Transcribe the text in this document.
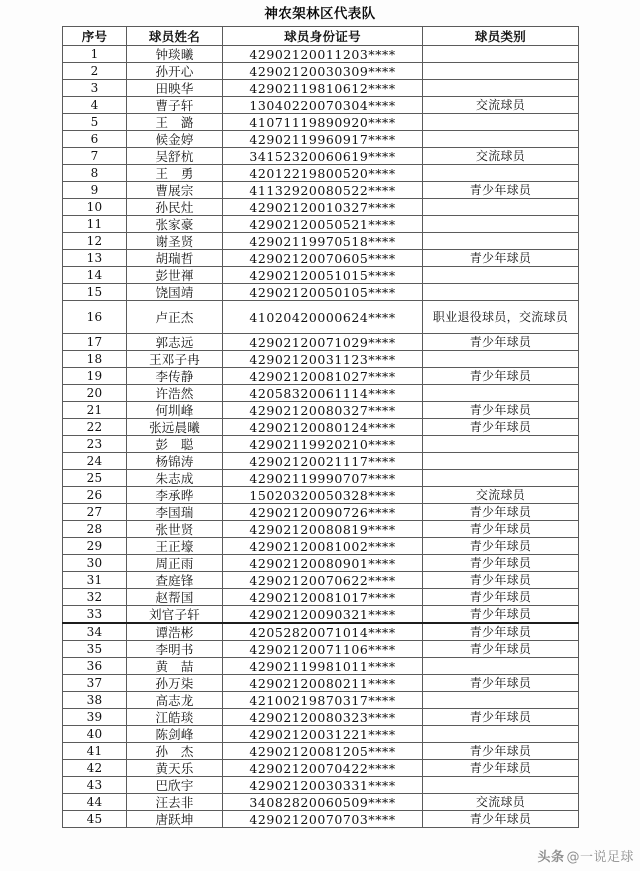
神农架林区代表队
序号	球员姓名	球员身份证号	球员类别
1	钟琰曦	42902120011203****	
2	孙开心	42902120030309****	
3	田映华	42902119810612****	
4	曹子轩	13040220070304****	交流球员
5	王　潞	41071119890920****	
6	候金婷	42902119960917****	
7	吴舒杭	34152320060619****	交流球员
8	王　勇	42012219800520****	
9	曹展宗	41132920080522****	青少年球员
10	孙民灶	42902120010327****	
11	张家豪	42902120050521****	
12	谢圣贤	42902119970518****	
13	胡瑞哲	42902120070605****	青少年球员
14	彭世禈	42902120051015****	
15	饶国靖	42902120050105****	
16	卢正杰	41020420000624****	职业退役球员，交流球员
17	郭志远	42902120071029****	青少年球员
18	王邓子冉	42902120031123****	
19	李传静	42902120081027****	青少年球员
20	许浩然	42058320061114****	
21	何圳峰	42902120080327****	青少年球员
22	张远晨曦	42902120080124****	青少年球员
23	彭　聪	42902119920210****	
24	杨锦涛	42902120021117****	
25	朱志成	42902119990707****	
26	李承晔	15020320050328****	交流球员
27	李国瑞	42902120090726****	青少年球员
28	张世贤	42902120080819****	青少年球员
29	王正壕	42902120081002****	青少年球员
30	周正雨	42902120080901****	青少年球员
31	查庭锋	42902120070622****	青少年球员
32	赵帮国	42902120081017****	青少年球员
33	刘官子轩	42902120090321****	青少年球员
34	谭浩彬	42052820071014****	青少年球员
35	李明书	42902120071106****	青少年球员
36	黄　喆	42902119981011****	
37	孙万柒	42902120080211****	青少年球员
38	高志龙	42100219870317****	
39	江皓琰	42902120080323****	青少年球员
40	陈剑峰	42902120031221****	
41	孙　杰	42902120081205****	青少年球员
42	黄天乐	42902120070422****	青少年球员
43	巴欣宇	42902120030331****	
44	汪去非	34082820060509****	交流球员
45	唐跃坤	42902120070703****	青少年球员
头条 @一说足球
